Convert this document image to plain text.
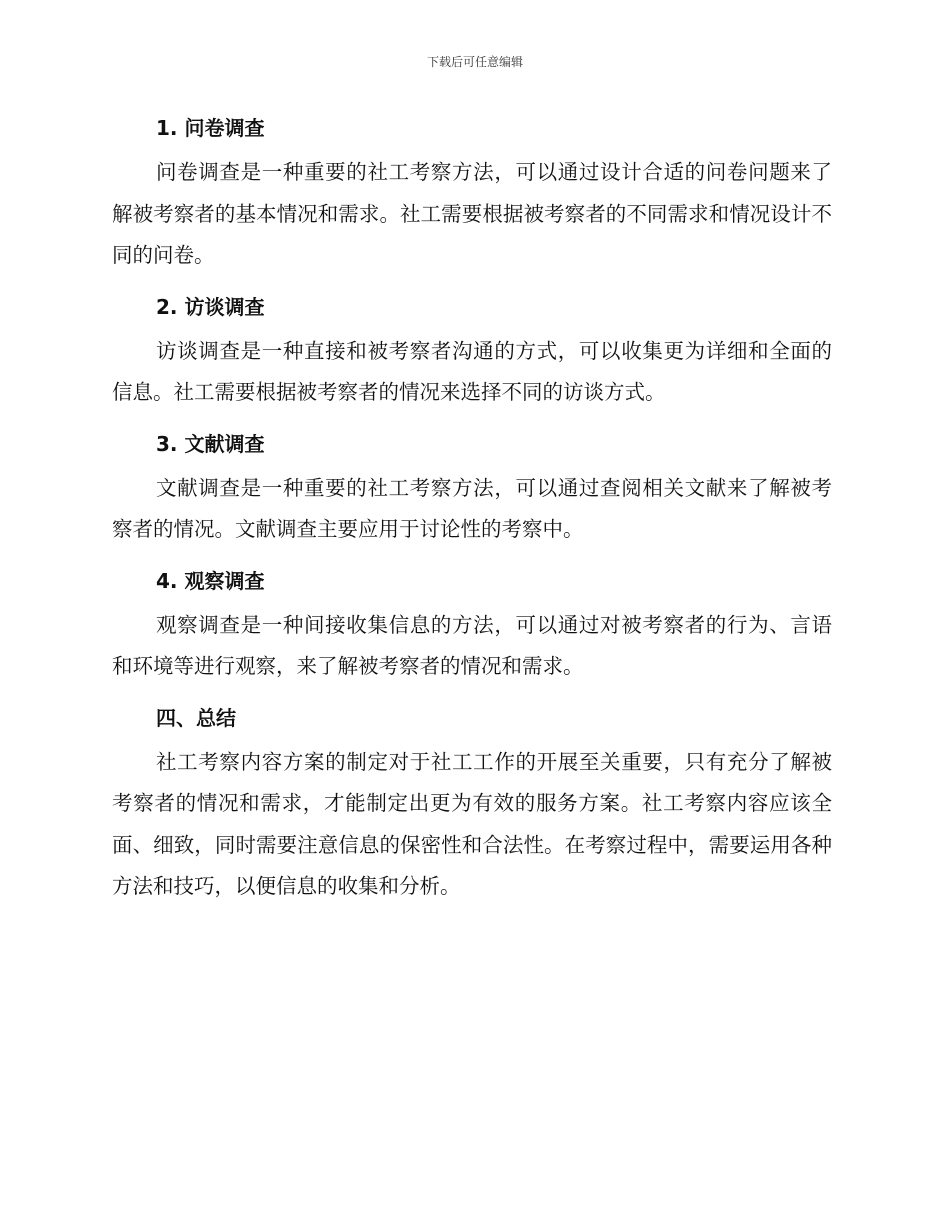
下载后可任意编辑
1. 问卷调查

问卷调查是一种重要的社工考察方法，可以通过设计合适的问卷问题来了解被考察者的基本情况和需求。社工需要根据被考察者的不同需求和情况设计不同的问卷。

2. 访谈调查

访谈调查是一种直接和被考察者沟通的方式，可以收集更为详细和全面的信息。社工需要根据被考察者的情况来选择不同的访谈方式。

3. 文献调查

文献调查是一种重要的社工考察方法，可以通过查阅相关文献来了解被考察者的情况。文献调查主要应用于讨论性的考察中。

4. 观察调查

观察调查是一种间接收集信息的方法，可以通过对被考察者的行为、言语和环境等进行观察，来了解被考察者的情况和需求。

四、总结

社工考察内容方案的制定对于社工工作的开展至关重要，只有充分了解被考察者的情况和需求，才能制定出更为有效的服务方案。社工考察内容应该全面、细致，同时需要注意信息的保密性和合法性。在考察过程中，需要运用各种方法和技巧，以便信息的收集和分析。
